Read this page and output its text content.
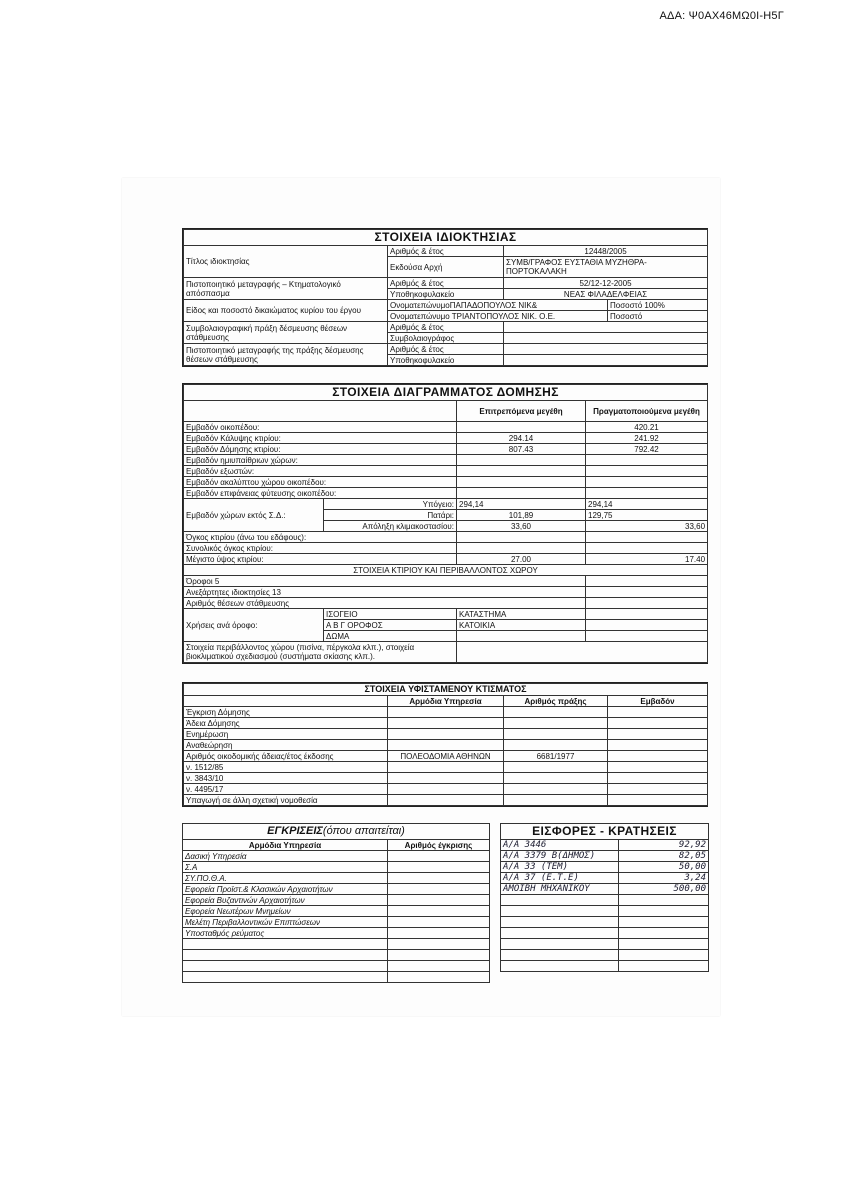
ΑΔΑ: Ψ0ΑΧ46ΜΩ0Ι-Η5Γ
ΣΤΟΙΧΕΙΑ ΙΔΙΟΚΤΗΣΙΑΣ			
Τίτλος ιδιοκτησίας	Αριθμός & έτος	12448/2005	
	Εκδούσα Αρχή	ΣΥΜΒ/ΓΡΑΦΟΣ ΕΥΣΤΑΘΙΑ ΜΥΖΗΘΡΑ-ΠΟΡΤΟΚΑΛΑΚΗ	
Πιστοποιητικό μεταγραφής – Κτηματολογικό απόσπασμα	Αριθμός & έτος	52/12-12-2005	
	Υποθηκοφυλακείο	ΝΕΑΣ ΦΙΛΑΔΕΛΦΕΙΑΣ	
Είδος και ποσοστό δικαιώματος κυρίου του έργου	ΟνοματεπώνυμοΠΑΠΑΔΟΠΟΥΛΟΣ ΝΙΚ&		Ποσοστό 100%
	Ονοματεπώνυμο ΤΡΙΑΝΤΟΠΟΥΛΟΣ ΝΙΚ. Ο.Ε.		Ποσοστό
Συμβολαιογραφική πράξη δέσμευσης θέσεων στάθμευσης	Αριθμός & έτος		
	Συμβολαιογράφος		
Πιστοποιητικό μεταγραφής της πράξης δέσμευσης θέσεων στάθμευσης	Αριθμός & έτος		
	Υποθηκοφυλακείο		
ΣΤΟΙΧΕΙΑ ΔΙΑΓΡΑΜΜΑΤΟΣ ΔΟΜΗΣΗΣ			
		Επιτρεπόμενα μεγέθη	Πραγματοποιούμενα μεγέθη
Εμβαδόν οικοπέδου:			420.21
Εμβαδόν Κάλυψης κτιρίου:		294.14	241.92
Εμβαδόν Δόμησης κτιρίου:		807.43	792.42
Εμβαδόν ημιυπαίθριων χώρων:			
Εμβαδόν εξωστών:			
Εμβαδόν ακαλύπτου χώρου οικοπέδου:			
Εμβαδόν επιφάνειας φύτευσης οικοπέδου:			
Εμβαδόν χώρων εκτός Σ.Δ.:	Υπόγειο:	294,14	294,14
	Πατάρι:	101,89	129,75
	Απόληξη κλιμακοστασίου:	33,60	33,60
Όγκος κτιρίου (άνω του εδάφους):			
Συνολικός όγκος κτιρίου:			
Μέγιστο ύψος κτιρίου:		27.00	17.40
ΣΤΟΙΧΕΙΑ ΚΤΙΡΙΟΥ ΚΑΙ ΠΕΡΙΒΑΛΛΟΝΤΟΣ ΧΩΡΟΥ			
Όροφοι 5			
Ανεξάρτητες ιδιοκτησίες 13			
Αριθμός θέσεων στάθμευσης			
Χρήσεις ανά όροφο:	ΙΣΟΓΕΙΟ	ΚΑΤΑΣΤΗΜΑ	
	Α Β Γ ΟΡΟΦΟΣ	ΚΑΤΟΙΚΙΑ	
	ΔΩΜΑ		
Στοιχεία περιβάλλοντος χώρου (πισίνα, πέργκολα κλπ.), στοιχεία βιοκλιματικού σχεδιασμού (συστήματα σκίασης κλπ.).			
ΣΤΟΙΧΕΙΑ ΥΦΙΣΤΑΜΕΝΟΥ ΚΤΙΣΜΑΤΟΣ			
	Αρμόδια Υπηρεσία	Αριθμός πράξης	Εμβαδόν
Έγκριση Δόμησης			
Άδεια Δόμησης			
Ενημέρωση			
Αναθεώρηση			
Αριθμός οικοδομικής άδειας/έτος έκδοσης	ΠΟΛΕΟΔΟΜΙΑ ΑΘΗΝΩΝ	6681/1977	
ν. 1512/85			
ν. 3843/10			
ν. 4495/17			
Υπαγωγή σε άλλη σχετική νομοθεσία			
ΕΓΚΡΙΣΕΙΣ(όπου απαιτείται)	
Αρμόδια Υπηρεσία	Αριθμός έγκρισης
Δασική Υπηρεσία	
Σ.Α	
ΣΥ.ΠΟ.Θ.Α.	
Εφορεία Προϊστ.& Κλασικών Αρχαιοτήτων	
Εφορεία Βυζαντινών Αρχαιοτήτων	
Εφορεία Νεωτέρων Μνημείων	
Μελέτη Περιβαλλοντικών Επιπτώσεων	
Υποσταθμός ρεύματος	

ΕΙΣΦΟΡΕΣ - ΚΡΑΤΗΣΕΙΣ	
Α/Α 3446	92,92
Α/Α 3379 Β(ΔΗΜΟΣ)	82,05
Α/Α 33 (ΤΕΜ)	50,00
Α/Α 37 (Ε.Τ.Ε)	3,24
ΑΜΟΙΒΗ ΜΗΧΑΝΙΚΟΥ	500,00
